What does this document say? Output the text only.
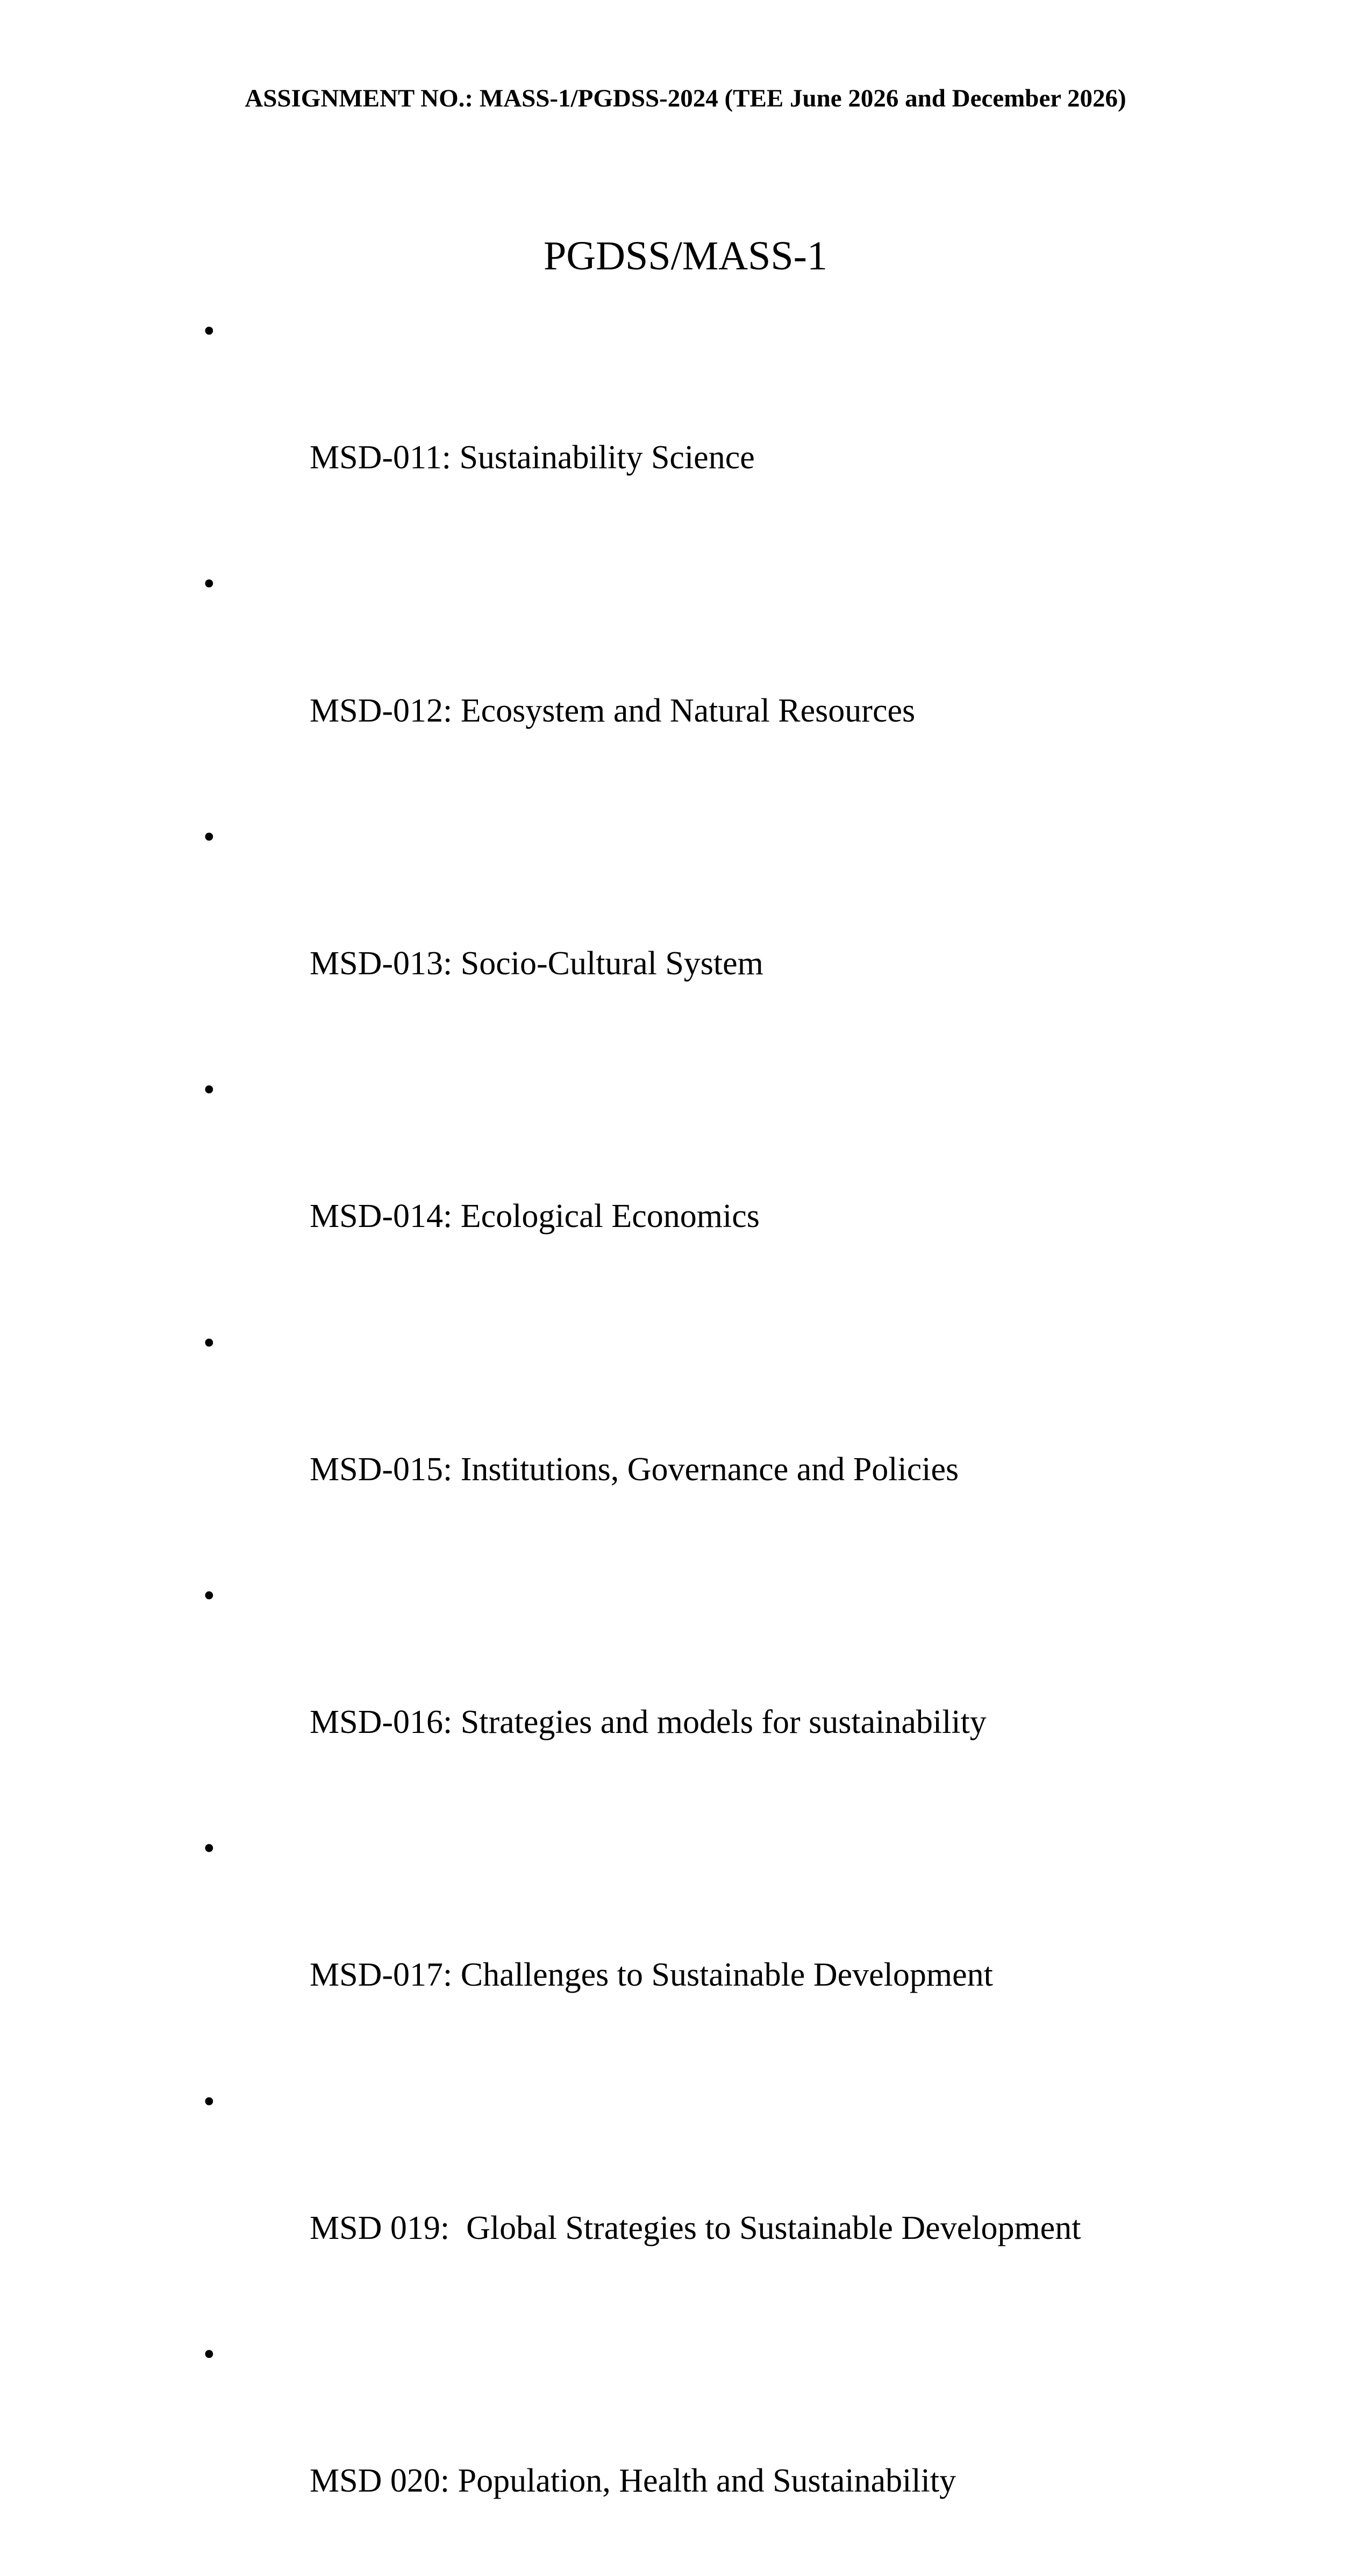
ASSIGNMENT NO.: MASS-1/PGDSS-2024 (TEE June 2026 and December 2026)
PGDSS/MASS-1

•

MSD-011: Sustainability Science

•

MSD-012: Ecosystem and Natural Resources

•

MSD-013: Socio-Cultural System

•

MSD-014: Ecological Economics

•

MSD-015: Institutions, Governance and Policies

•

MSD-016: Strategies and models for sustainability

•

MSD-017: Challenges to Sustainable Development

•

MSD 019:  Global Strategies to Sustainable Development

•

MSD 020: Population, Health and Sustainability
